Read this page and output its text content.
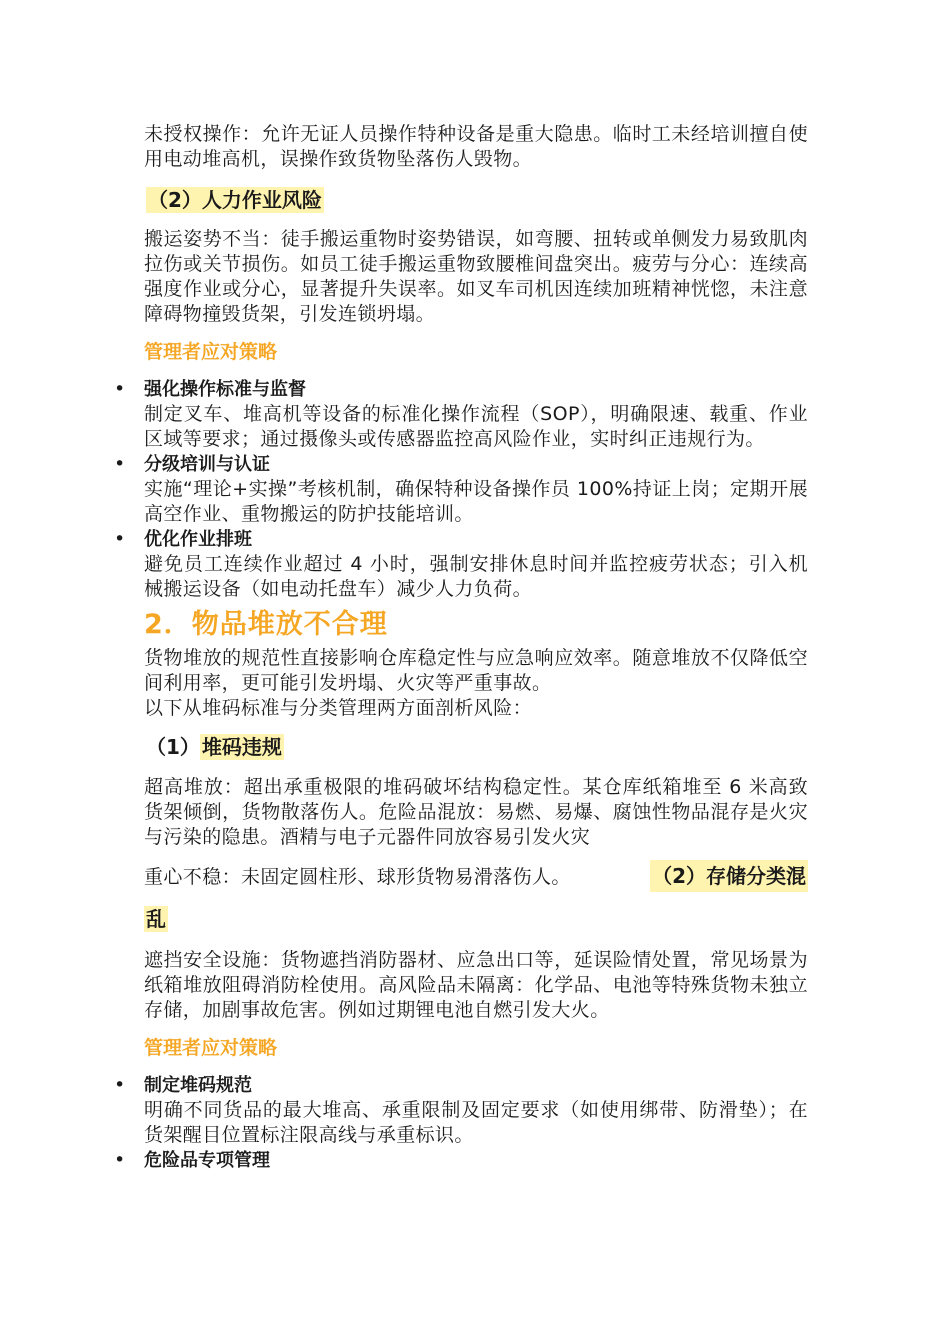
未授权操作：允许无证人员操作特种设备是重大隐患。临时工未经培训擅自使用电动堆高机，误操作致货物坠落伤人毁物。

（2）人力作业风险

搬运姿势不当：徒手搬运重物时姿势错误，如弯腰、扭转或单侧发力易致肌肉拉伤或关节损伤。如员工徒手搬运重物致腰椎间盘突出。疲劳与分心：连续高强度作业或分心，显著提升失误率。如叉车司机因连续加班精神恍惚，未注意障碍物撞毁货架，引发连锁坍塌。

管理者应对策略
• 强化操作标准与监督

制定叉车、堆高机等设备的标准化操作流程（SOP），明确限速、载重、作业区域等要求；通过摄像头或传感器监控高风险作业，实时纠正违规行为。

• 分级培训与认证

实施“理论+实操”考核机制，确保特种设备操作员 100%持证上岗；定期开展高空作业、重物搬运的防护技能培训。

• 优化作业排班

避免员工连续作业超过 4 小时，强制安排休息时间并监控疲劳状态；引入机械搬运设备（如电动托盘车）减少人力负荷。

2．物品堆放不合理

货物堆放的规范性直接影响仓库稳定性与应急响应效率。随意堆放不仅降低空间利用率，更可能引发坍塌、火灾等严重事故。

以下从堆码标准与分类管理两方面剖析风险：

（1） 堆码违规

超高堆放：超出承重极限的堆码破坏结构稳定性。某仓库纸箱堆至 6 米高致货架倾倒，货物散落伤人。危险品混放：易燃、易爆、腐蚀性物品混存是火灾与污染的隐患。酒精与电子元器件同放容易引发火灾

重心不稳：未固定圆柱形、球形货物易滑落伤人。	（2）存储分类混
乱

遮挡安全设施：货物遮挡消防器材、应急出口等，延误险情处置，常见场景为纸箱堆放阻碍消防栓使用。高风险品未隔离：化学品、电池等特殊货物未独立存储，加剧事故危害。例如过期锂电池自燃引发大火。

管理者应对策略
• 制定堆码规范

明确不同货品的最大堆高、承重限制及固定要求（如使用绑带、防滑垫）；在货架醒目位置标注限高线与承重标识。

• 危险品专项管理
